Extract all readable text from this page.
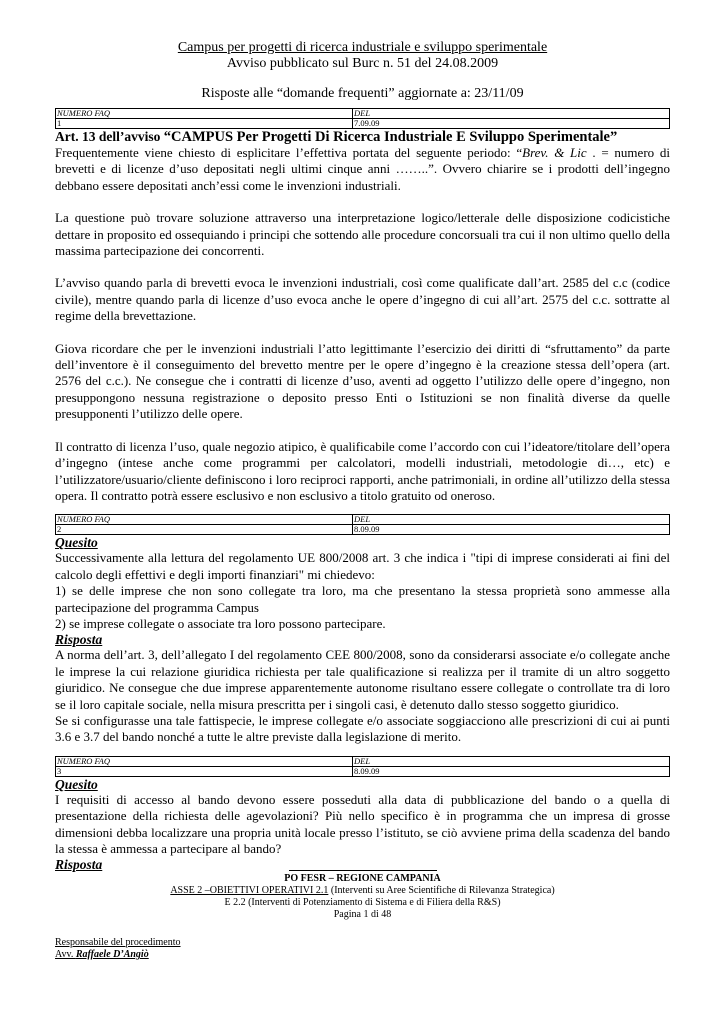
Campus per progetti di ricerca industriale e sviluppo sperimentale
Avviso pubblicato sul Burc n. 51 del 24.08.2009
Risposte alle “domande frequenti” aggiornate a: 23/11/09
NUMERO FAQ	DEL
1	7.09.09
Art. 13 dell’avviso “CAMPUS Per Progetti Di Ricerca Industriale E Sviluppo Sperimentale”

Frequentemente viene chiesto di esplicitare l’effettiva portata del seguente periodo: “Brev. & Lic . = numero di brevetti e di licenze d’uso depositati negli ultimi cinque anni ……..”. Ovvero chiarire se i prodotti dell’ingegno debbano essere depositati anch’essi come le invenzioni industriali.

La questione può trovare soluzione attraverso una interpretazione logico/letterale delle disposizione codicistiche dettare in proposito ed ossequiando i principi che sottendo alle procedure concorsuali tra cui il non ultimo quello della massima partecipazione dei concorrenti.

L’avviso quando parla di brevetti evoca le invenzioni industriali, così come qualificate dall’art. 2585 del c.c (codice civile), mentre quando parla di licenze d’uso evoca anche le opere d’ingegno di cui all’art. 2575 del c.c. sottratte al regime della brevettazione.

Giova ricordare che per le invenzioni industriali l’atto legittimante l’esercizio dei diritti di “sfruttamento” da parte dell’inventore è il conseguimento del brevetto mentre per le opere d’ingegno è la creazione stessa dell’opera (art. 2576 del c.c.). Ne consegue che i contratti di licenze d’uso, aventi ad oggetto l’utilizzo delle opere d’ingegno, non presuppongono nessuna registrazione o deposito presso Enti o Istituzioni se non finalità diverse da quelle presupponenti l’utilizzo delle opere.

Il contratto di licenza l’uso, quale negozio atipico, è qualificabile come l’accordo con cui l’ideatore/titolare dell’opera d’ingegno (intese anche come programmi per calcolatori, modelli industriali, metodologie di…, etc) e l’utilizzatore/usuario/cliente definiscono i loro reciproci rapporti, anche patrimoniali, in ordine all’utilizzo della stessa opera. Il contratto potrà essere esclusivo e non esclusivo a titolo gratuito od oneroso.

NUMERO FAQ	DEL
2	8.09.09
Quesito

Successivamente alla lettura del regolamento UE 800/2008 art. 3 che indica i "tipi di imprese considerati ai fini del calcolo degli effettivi e degli importi finanziari" mi chiedevo:

1) se delle imprese che non sono collegate tra loro, ma che presentano la stessa proprietà sono ammesse alla partecipazione del programma Campus

2) se imprese collegate o associate tra loro possono partecipare.

Risposta

A norma dell’art. 3, dell’allegato I del regolamento CEE 800/2008, sono da considerarsi associate e/o collegate anche le imprese la cui relazione giuridica richiesta per tale qualificazione si realizza per il tramite di un altro soggetto giuridico. Ne consegue che due imprese apparentemente autonome risultano essere collegate o controllate tra di loro se il loro capitale sociale, nella misura prescritta per i singoli casi, è detenuto dallo stesso soggetto giuridico.

Se si configurasse una tale fattispecie, le imprese collegate e/o associate soggiacciono alle prescrizioni di cui ai punti 3.6 e 3.7 del bando nonché a tutte le altre previste dalla legislazione di merito.

NUMERO FAQ	DEL
3	8.09.09
Quesito

I requisiti di accesso al bando devono essere posseduti alla data di pubblicazione del bando o a quella di presentazione della richiesta delle agevolazioni? Più nello specifico è in programma che un impresa di grosse dimensioni debba localizzare una propria unità locale presso l’istituto, se ciò avviene prima della scadenza del bando la stessa è ammessa a partecipare al bando?

Risposta
PO FESR – REGIONE CAMPANIA
ASSE 2 –OBIETTIVI OPERATIVI 2.1 (Interventi su Aree Scientifiche di Rilevanza Strategica)
E 2.2 (Interventi di Potenziamento di Sistema e di Filiera della R&S)
Pagina 1 di 48
Responsabile del procedimento
Avv. Raffaele D’Angiò
